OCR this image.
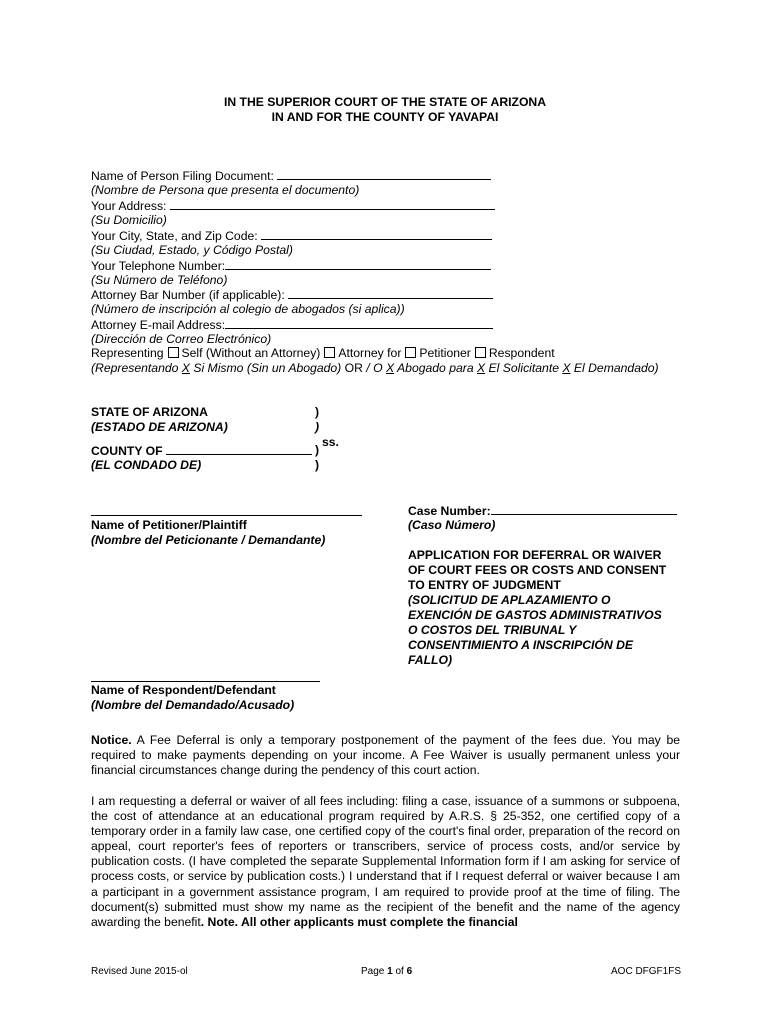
IN THE SUPERIOR COURT OF THE STATE OF ARIZONA
IN AND FOR THE COUNTY OF YAVAPAI
Name of Person Filing Document:
(Nombre de Persona que presenta el documento)
Your Address:
(Su Domicilio)
Your City, State, and Zip Code:
(Su Ciudad, Estado, y Código Postal)
Your Telephone Number:
(Su Número de Teléfono)
Attorney Bar Number (if applicable):
(Número de inscripción al colegio de abogados (si aplica))
Attorney E-mail Address:
(Dirección de Correo Electrónico)
Representing Self (Without an Attorney) Attorney for Petitioner Respondent
(Representando X Si Mismo (Sin un Abogado) OR / O X Abogado para X El Solicitante X El Demandado)
STATE OF ARIZONA
(ESTADO DE ARIZONA)
COUNTY OF
(EL CONDADO DE)
)
)
)
)
ss.
Name of Petitioner/Plaintiff
(Nombre del Peticionante / Demandante)
Case Number:
(Caso Número)
APPLICATION FOR DEFERRAL OR WAIVER
OF COURT FEES OR COSTS AND CONSENT
TO ENTRY OF JUDGMENT
(SOLICITUD DE APLAZAMIENTO O
EXENCIÓN DE GASTOS ADMINISTRATIVOS
O COSTOS DEL TRIBUNAL Y
CONSENTIMIENTO A INSCRIPCIÓN DE
FALLO)
Name of Respondent/Defendant
(Nombre del Demandado/Acusado)
Notice. A Fee Deferral is only a temporary postponement of the payment of the fees due. You may be required to make payments depending on your income. A Fee Waiver is usually permanent unless your financial circumstances change during the pendency of this court action.
I am requesting a deferral or waiver of all fees including: filing a case, issuance of a summons or subpoena, the cost of attendance at an educational program required by A.R.S. § 25-352, one certified copy of a temporary order in a family law case, one certified copy of the court's final order, preparation of the record on appeal, court reporter's fees of reporters or transcribers, service of process costs, and/or service by publication costs. (I have completed the separate Supplemental Information form if I am asking for service of process costs, or service by publication costs.) I understand that if I request deferral or waiver because I am a participant in a government assistance program, I am required to provide proof at the time of filing. The document(s) submitted must show my name as the recipient of the benefit and the name of the agency awarding the benefit. Note. All other applicants must complete the financial
Revised June 2015-ol	Page 1 of 6	AOC DFGF1FS
